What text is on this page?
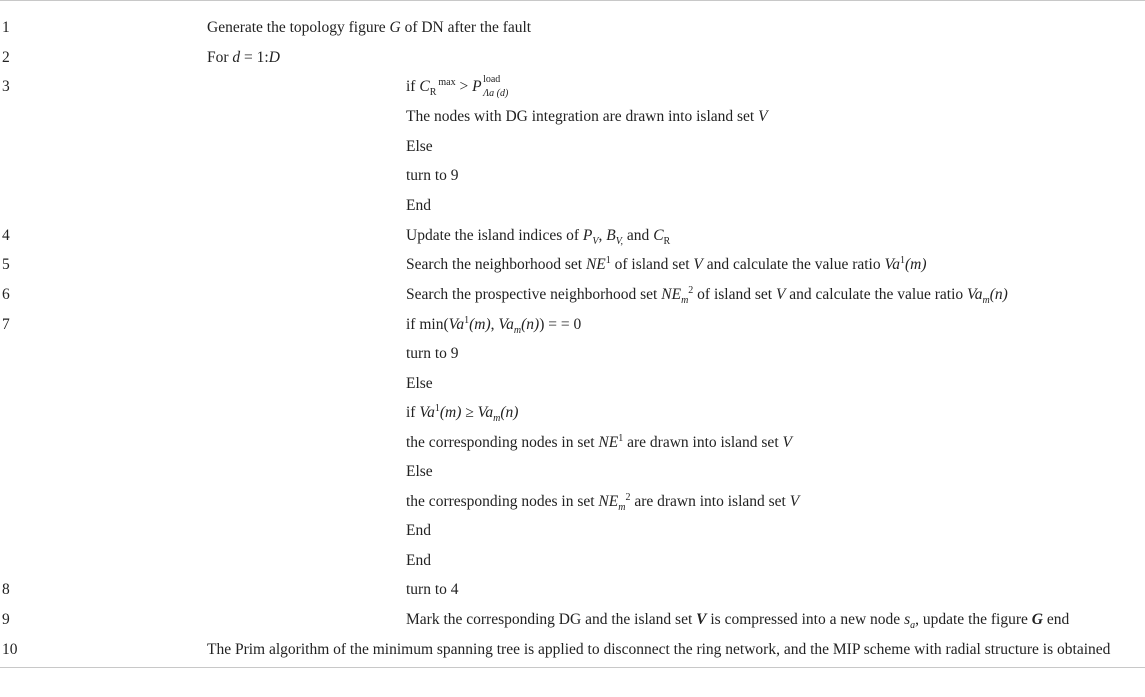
1	Generate the topology figure G of DN after the fault
2	For d = 1:D
3	if $C_R^{max} > P$ load
Λa (d)
The nodes with DG integration are drawn into island set V
Else
turn to 9
End
4	Update the island indices of $P_V$, $B_{V,}$ and $C_R$
5	Search the neighborhood set $NE^1$ of island set V and calculate the value ratio Va$^1$(m)
6	Search the prospective neighborhood set $NE_m^2$ of island set V and calculate the value ratio $Va_m(n)$
7	if min(Va$^1$(m), $Va_m(n)$) = = 0
turn to 9
Else
if $Va^1(m) \ge Va_m(n)$
the corresponding nodes in set $NE^1$ are drawn into island set V
Else
the corresponding nodes in set $NE_m^2$ are drawn into island set V
End
End
8	turn to 4
9	Mark the corresponding DG and the island set V is compressed into a new node $s_a$, update the figure G end
10	The Prim algorithm of the minimum spanning tree is applied to disconnect the ring network, and the MIP scheme with radial structure is obtained
